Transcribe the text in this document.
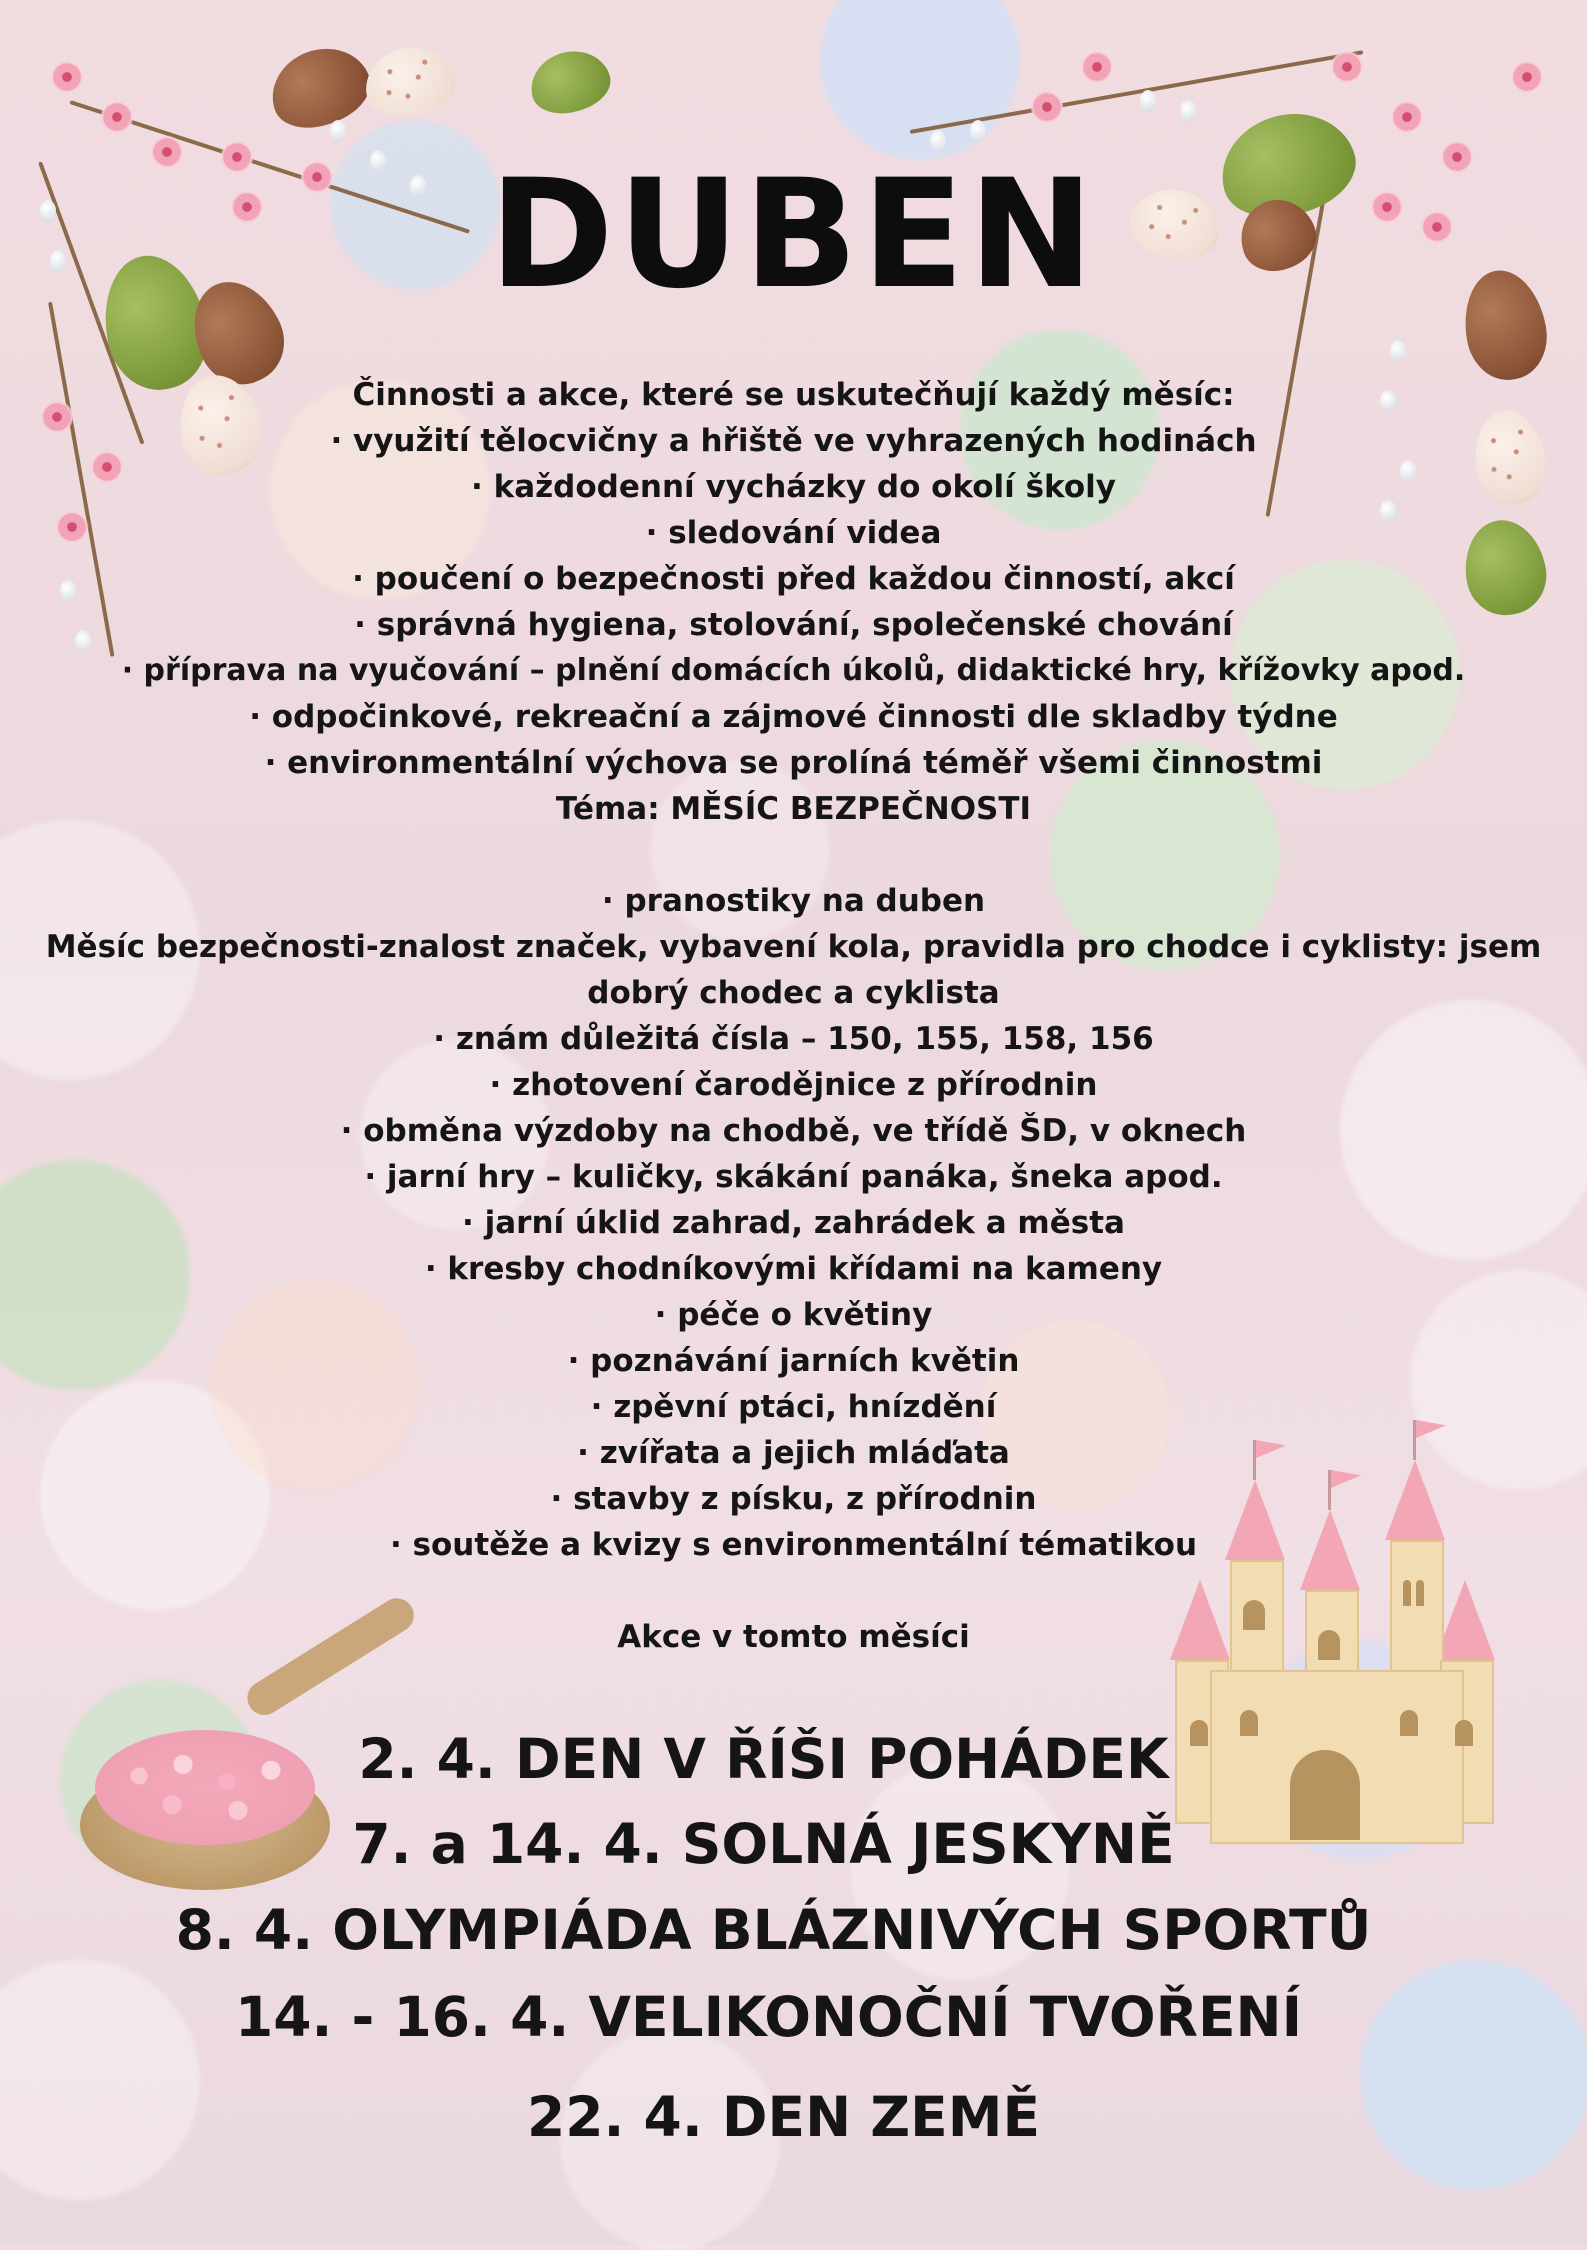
DUBEN
Činnosti a akce, které se uskutečňují každý měsíc:
· využití tělocvičny a hřiště ve vyhrazených hodinách
· každodenní vycházky do okolí školy
· sledování videa
· poučení o bezpečnosti před každou činností, akcí
· správná hygiena, stolování, společenské chování
· příprava na vyučování – plnění domácích úkolů, didaktické hry, křížovky apod.
· odpočinkové, rekreační a zájmové činnosti dle skladby týdne
· environmentální výchova se prolíná téměř všemi činnostmi
Téma: MĚSÍC BEZPEČNOSTI
· pranostiky na duben
Měsíc bezpečnosti-znalost značek, vybavení kola, pravidla pro chodce i cyklisty: jsem dobrý chodec a cyklista
· znám důležitá čísla – 150, 155, 158, 156
· zhotovení čarodějnice z přírodnin
· obměna výzdoby na chodbě, ve třídě ŠD, v oknech
· jarní hry – kuličky, skákání panáka, šneka apod.
· jarní úklid zahrad, zahrádek a města
· kresby chodníkovými křídami na kameny
· péče o květiny
· poznávání jarních květin
· zpěvní ptáci, hnízdění
· zvířata a jejich mláďata
· stavby z písku, z přírodnin
· soutěže a kvizy s environmentální tématikou
Akce v tomto měsíci
2. 4. DEN V ŘÍŠI POHÁDEK
7. a 14. 4. SOLNÁ JESKYNĚ
8. 4. OLYMPIÁDA BLÁZNIVÝCH SPORTŮ
14. - 16. 4. VELIKONOČNÍ TVOŘENÍ
22. 4. DEN ZEMĚ
